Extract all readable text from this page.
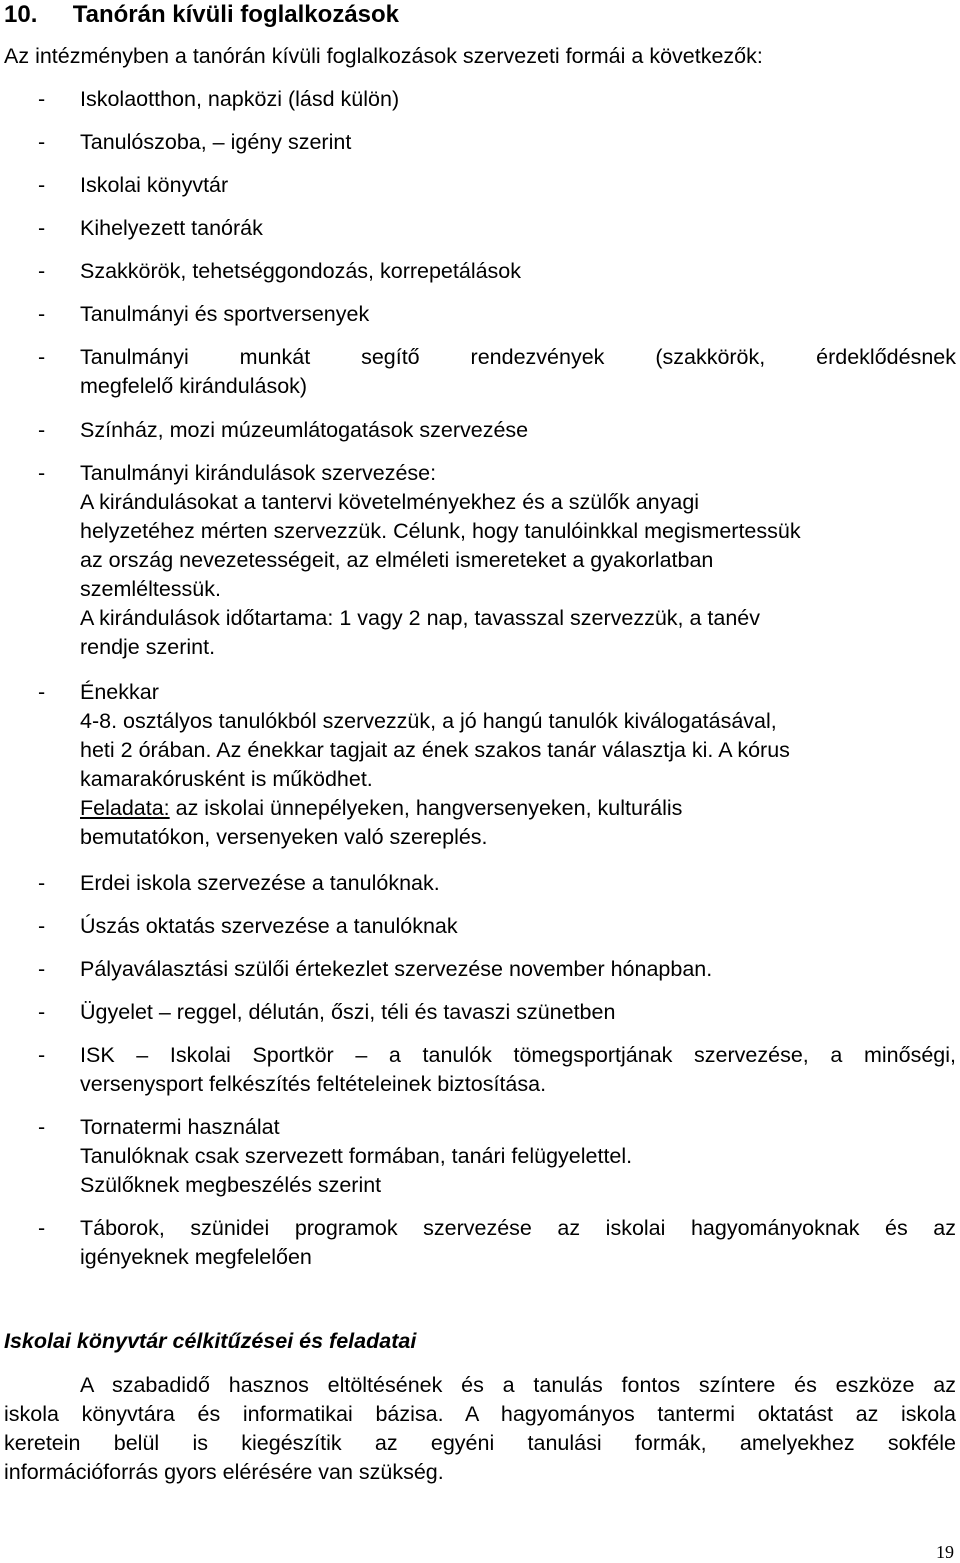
10. Tanórán kívüli foglalkozások
Az intézményben a tanórán kívüli foglalkozások szervezeti formái a következők:
- Iskolaotthon, napközi (lásd külön)
- Tanulószoba, – igény szerint
- Iskolai könyvtár
- Kihelyezett tanórák
- Szakkörök, tehetséggondozás, korrepetálások
- Tanulmányi és sportversenyek
- Tanulmányi munkát segítő rendezvények (szakkörök, érdeklődésnek
megfelelő kirándulások)
- Színház, mozi múzeumlátogatások szervezése
- Tanulmányi kirándulások szervezése:
A kirándulásokat a tantervi követelményekhez és a szülők anyagi
helyzetéhez mérten szervezzük. Célunk, hogy tanulóinkkal megismertessük
az ország nevezetességeit, az elméleti ismereteket a gyakorlatban
szemléltessük.
A kirándulások időtartama: 1 vagy 2 nap, tavasszal szervezzük, a tanév
rendje szerint.
- Énekkar
4-8. osztályos tanulókból szervezzük, a jó hangú tanulók kiválogatásával,
heti 2 órában. Az énekkar tagjait az ének szakos tanár választja ki. A kórus
kamarakórusként is működhet.
Feladata: az iskolai ünnepélyeken, hangversenyeken, kulturális
bemutatókon, versenyeken való szereplés.
- Erdei iskola szervezése a tanulóknak.
- Úszás oktatás szervezése a tanulóknak
- Pályaválasztási szülői értekezlet szervezése november hónapban.
- Ügyelet – reggel, délután, őszi, téli és tavaszi szünetben
- ISK – Iskolai Sportkör – a tanulók tömegsportjának szervezése, a minőségi,
versenysport felkészítés feltételeinek biztosítása.
- Tornatermi használat
Tanulóknak csak szervezett formában, tanári felügyelettel.
Szülőknek megbeszélés szerint
- Táborok, szünidei programok szervezése az iskolai hagyományoknak és az
igényeknek megfelelően
Iskolai könyvtár célkitűzései és feladatai
A szabadidő hasznos eltöltésének és a tanulás fontos színtere és eszköze az
iskola könyvtára és informatikai bázisa. A hagyományos tantermi oktatást az iskola
keretein belül is kiegészítik az egyéni tanulási formák, amelyekhez sokféle
információforrás gyors elérésére van szükség.
19
